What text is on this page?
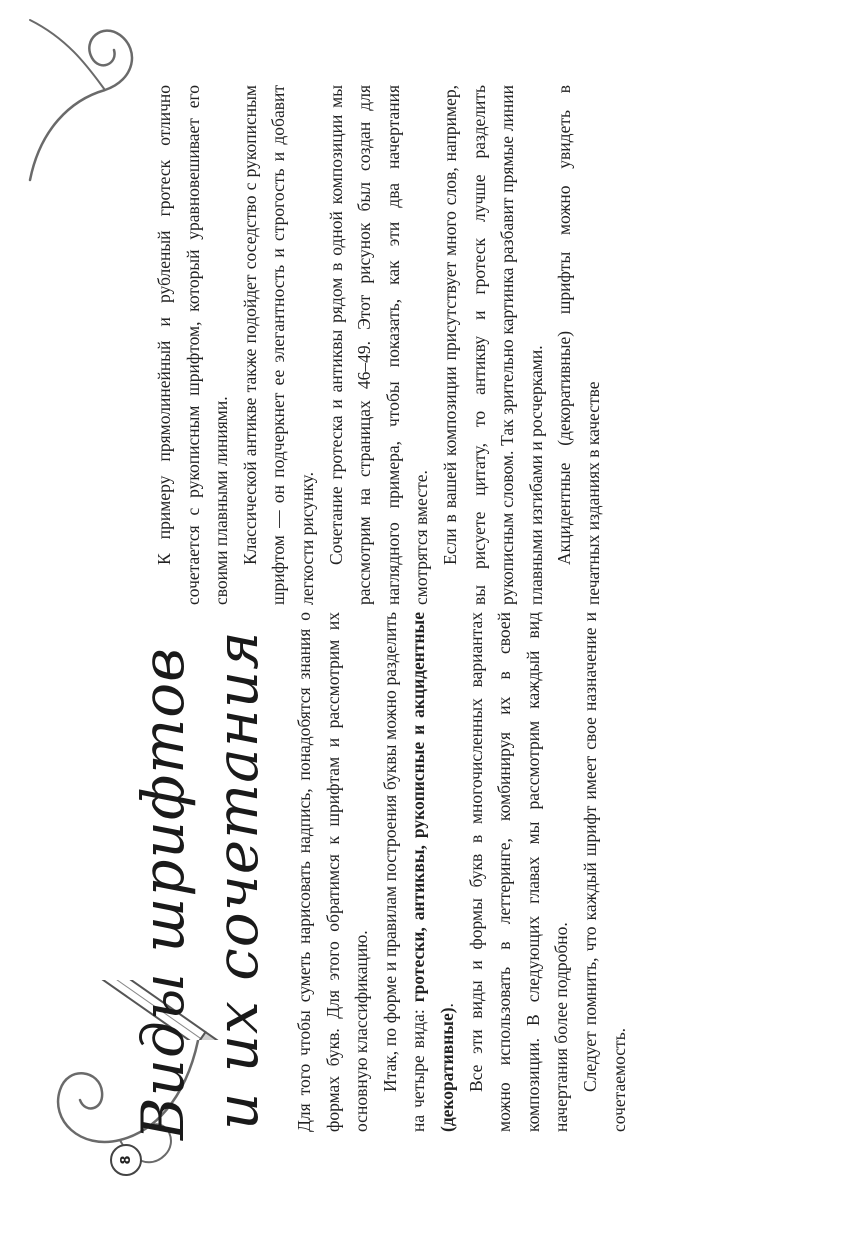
8
Виды шрифтов и их сочетания Для того чтобы суметь нарисовать надпись, понадобятся знания о формах букв. Для этого обратимся к шрифтам и рассмотрим их основную классификацию. Итак, по форме и правилам построения буквы можно разделить на четыре вида: гротески, антиквы, рукописные и акцидентные (декоративные). Все эти виды и формы букв в многочисленных вариантах можно использовать в леттеринге, комбинируя их в своей композиции. В следующих главах мы рассмотрим каждый вид начертания более подробно. Следует помнить, что каждый шрифт имеет свое назначение и сочетаемость.

К примеру прямолинейный и рубленый гротеск отлично сочетается с рукописным шрифтом, который уравновешивает его своими плавными линиями. Классической антикве также подойдет соседство с рукописным шрифтом — он подчеркнет ее элегантность и строгость и добавит легкости рисунку. Сочетание гротеска и антиквы рядом в одной композиции мы рассмотрим на страницах 46–49. Этот рисунок был создан для наглядного примера, чтобы показать, как эти два начертания смотрятся вместе. Если в вашей композиции присутствует много слов, например, вы рисуете цитату, то антикву и гротеск лучше разделить рукописным словом. Так зрительно картинка разбавит прямые линии плавными изгибами и росчерками. Акцидентные (декоративные) шрифты можно увидеть в печатных изданиях в качестве
